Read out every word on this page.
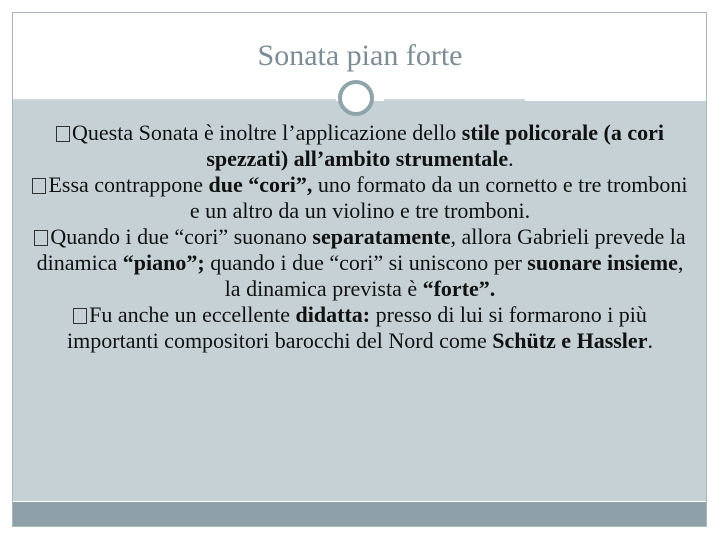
Sonata pian forte

Questa Sonata è inoltre l’applicazione dello stile policorale (a cori spezzati) all’ambito strumentale.

Essa contrappone due “cori”, uno formato da un cornetto e tre tromboni e un altro da un violino e tre tromboni.

Quando i due “cori” suonano separatamente, allora Gabrieli prevede la dinamica “piano”; quando i due “cori” si uniscono per suonare insieme, la dinamica prevista è “forte”.

Fu anche un eccellente didatta: presso di lui si formarono i più importanti compositori barocchi del Nord come Schütz e Hassler.
